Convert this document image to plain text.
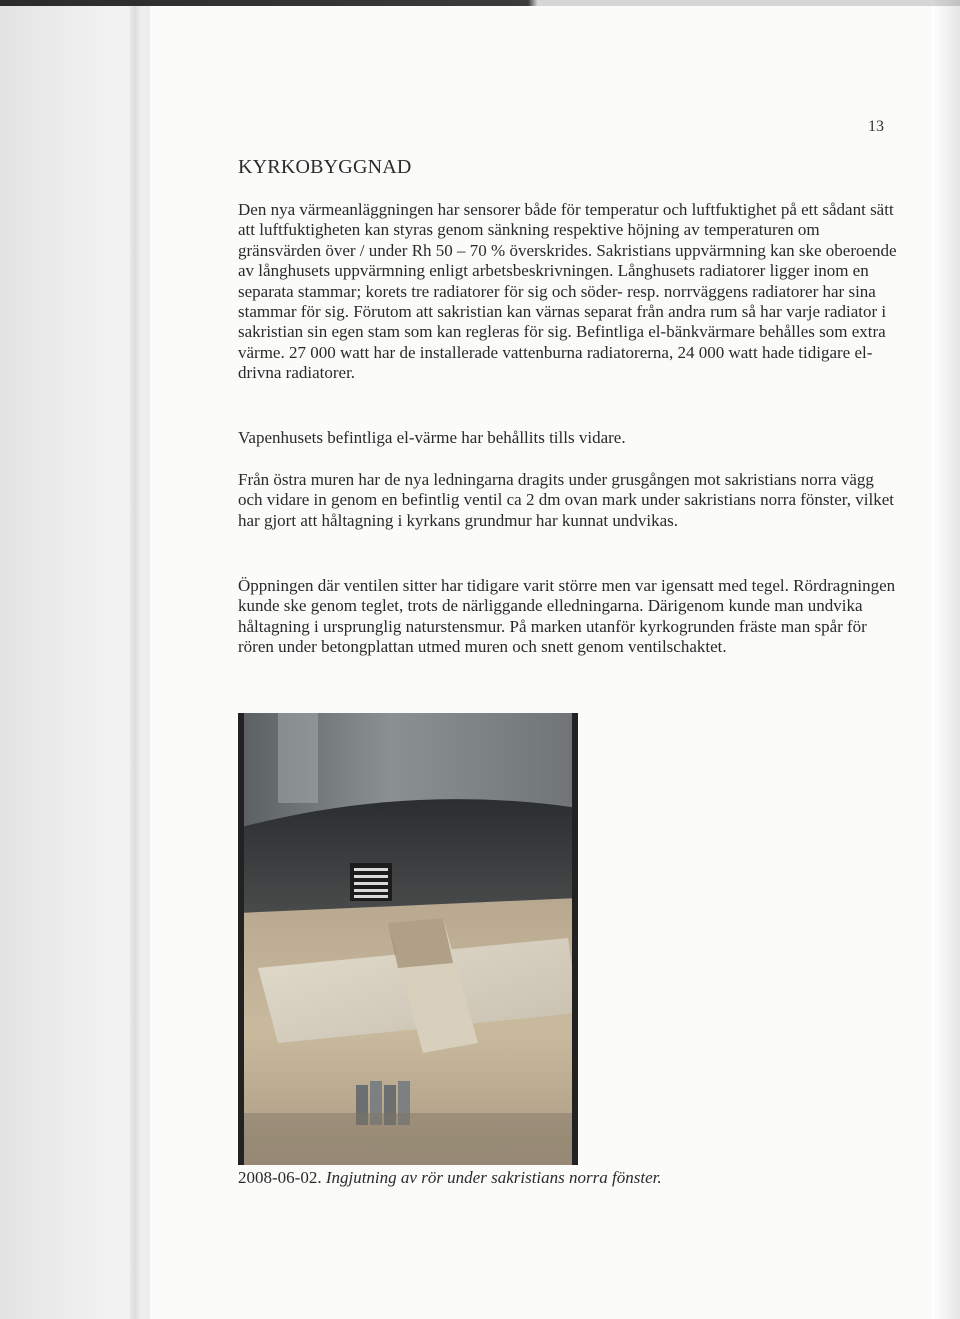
13
KYRKOBYGGNAD
Den nya värmeanläggningen har sensorer både för temperatur och luftfuktighet på ett sådant sätt att luftfuktigheten kan styras genom sänkning respektive höjning av temperaturen om gränsvärden över / under Rh 50 – 70 % överskrides. Sakristians uppvärmning kan ske oberoende av långhusets uppvärmning enligt arbetsbeskrivningen. Långhusets radiatorer ligger inom en separata stammar; korets tre radiatorer för sig och söder- resp. norrväggens radiatorer har sina stammar för sig. Förutom att sakristian kan värnas separat från andra rum så har varje radiator i sakristian sin egen stam som kan regleras för sig. Befintliga el-bänkvärmare behålles som extra värme. 27 000 watt har de installerade vattenburna radiatorerna, 24 000 watt hade tidigare el-drivna radiatorer.
Vapenhusets befintliga el-värme har behållits tills vidare.
Från östra muren har de nya ledningarna dragits under grusgången mot sakristians norra vägg och vidare in genom en befintlig ventil ca 2 dm ovan mark under sakristians norra fönster, vilket har gjort att håltagning i kyrkans grundmur har kunnat undvikas.
Öppningen där ventilen sitter har tidigare varit större men var igensatt med tegel. Rördragningen kunde ske genom teglet, trots de närliggande elledningarna. Därigenom kunde man undvika håltagning i ursprunglig naturstensmur. På marken utanför kyrkogrunden fräste man spår för rören under betongplattan utmed muren och snett genom ventilschaktet.
2008-06-02. Ingjutning av rör under sakristians norra fönster.
